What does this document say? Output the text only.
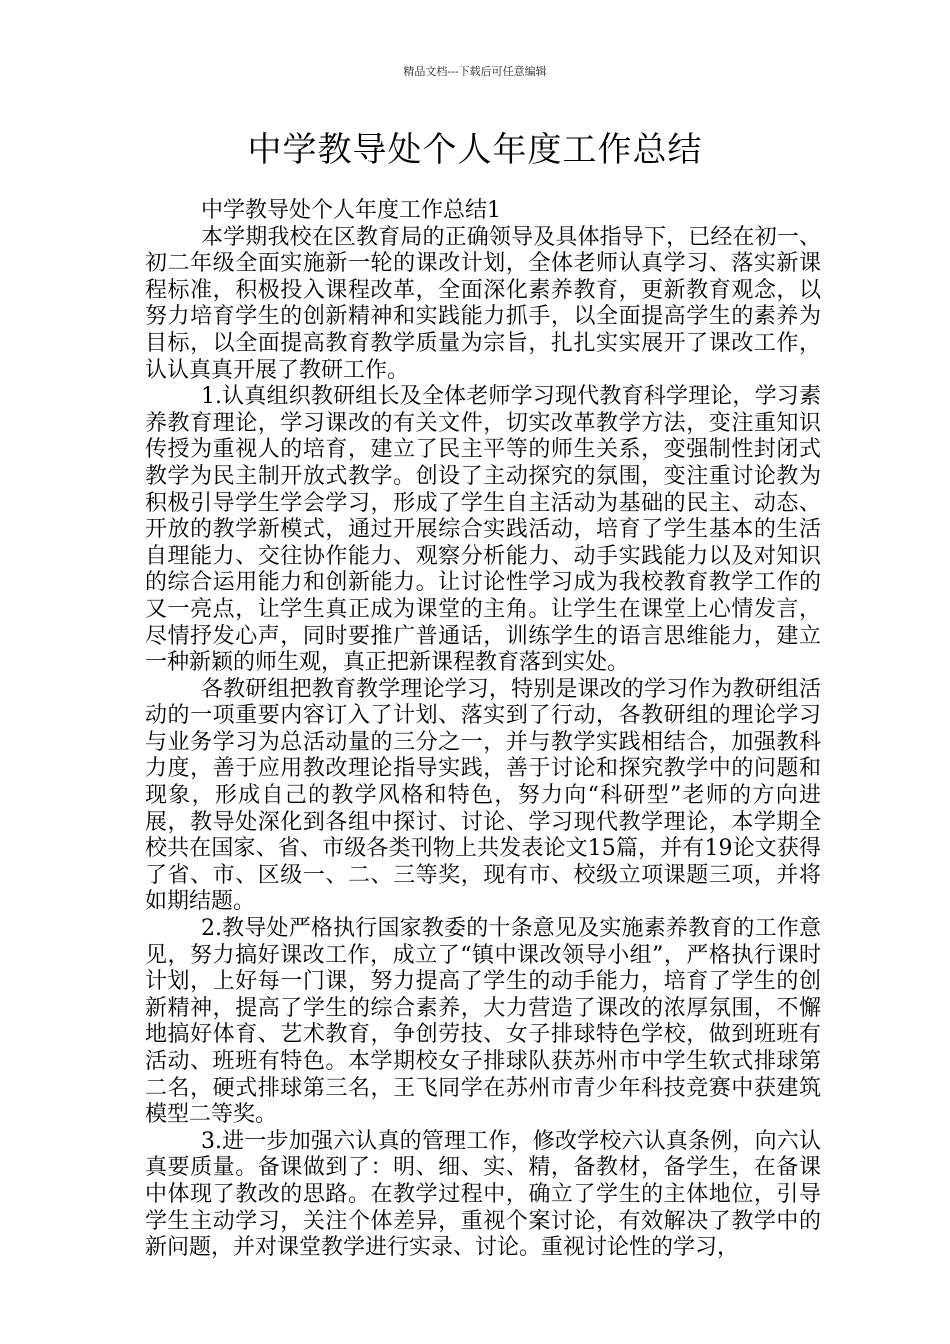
精品文档---下载后可任意编辑
中学教导处个人年度工作总结

中学教导处个人年度工作总结1

本学期我校在区教育局的正确领导及具体指导下，已经在初一、初二年级全面实施新一轮的课改计划，全体老师认真学习、落实新课程标准，积极投入课程改革，全面深化素养教育，更新教育观念，以努力培育学生的创新精神和实践能力抓手，以全面提高学生的素养为目标，以全面提高教育教学质量为宗旨，扎扎实实展开了课改工作，认认真真开展了教研工作。

1.认真组织教研组长及全体老师学习现代教育科学理论，学习素养教育理论，学习课改的有关文件，切实改革教学方法，变注重知识传授为重视人的培育，建立了民主平等的师生关系，变强制性封闭式教学为民主制开放式教学。创设了主动探究的氛围，变注重讨论教为积极引导学生学会学习，形成了学生自主活动为基础的民主、动态、开放的教学新模式，通过开展综合实践活动，培育了学生基本的生活自理能力、交往协作能力、观察分析能力、动手实践能力以及对知识的综合运用能力和创新能力。让讨论性学习成为我校教育教学工作的又一亮点，让学生真正成为课堂的主角。让学生在课堂上心情发言，尽情抒发心声，同时要推广普通话，训练学生的语言思维能力，建立一种新颖的师生观，真正把新课程教育落到实处。

各教研组把教育教学理论学习，特别是课改的学习作为教研组活动的一项重要内容订入了计划、落实到了行动，各教研组的理论学习与业务学习为总活动量的三分之一，并与教学实践相结合，加强教科力度，善于应用教改理论指导实践，善于讨论和探究教学中的问题和现象，形成自己的教学风格和特色，努力向“科研型”老师的方向进展，教导处深化到各组中探讨、讨论、学习现代教学理论，本学期全校共在国家、省、市级各类刊物上共发表论文15篇，并有19论文获得了省、市、区级一、二、三等奖，现有市、校级立项课题三项，并将如期结题。

2.教导处严格执行国家教委的十条意见及实施素养教育的工作意见，努力搞好课改工作，成立了“镇中课改领导小组”，严格执行课时计划，上好每一门课，努力提高了学生的动手能力，培育了学生的创新精神，提高了学生的综合素养，大力营造了课改的浓厚氛围，不懈地搞好体育、艺术教育，争创劳技、女子排球特色学校，做到班班有活动、班班有特色。本学期校女子排球队获苏州市中学生软式排球第二名，硬式排球第三名，王飞同学在苏州市青少年科技竞赛中获建筑模型二等奖。

3.进一步加强六认真的管理工作，修改学校六认真条例，向六认真要质量。备课做到了：明、细、实、精，备教材，备学生，在备课中体现了教改的思路。在教学过程中，确立了学生的主体地位，引导学生主动学习，关注个体差异，重视个案讨论，有效解决了教学中的新问题，并对课堂教学进行实录、讨论。重视讨论性的学习，
